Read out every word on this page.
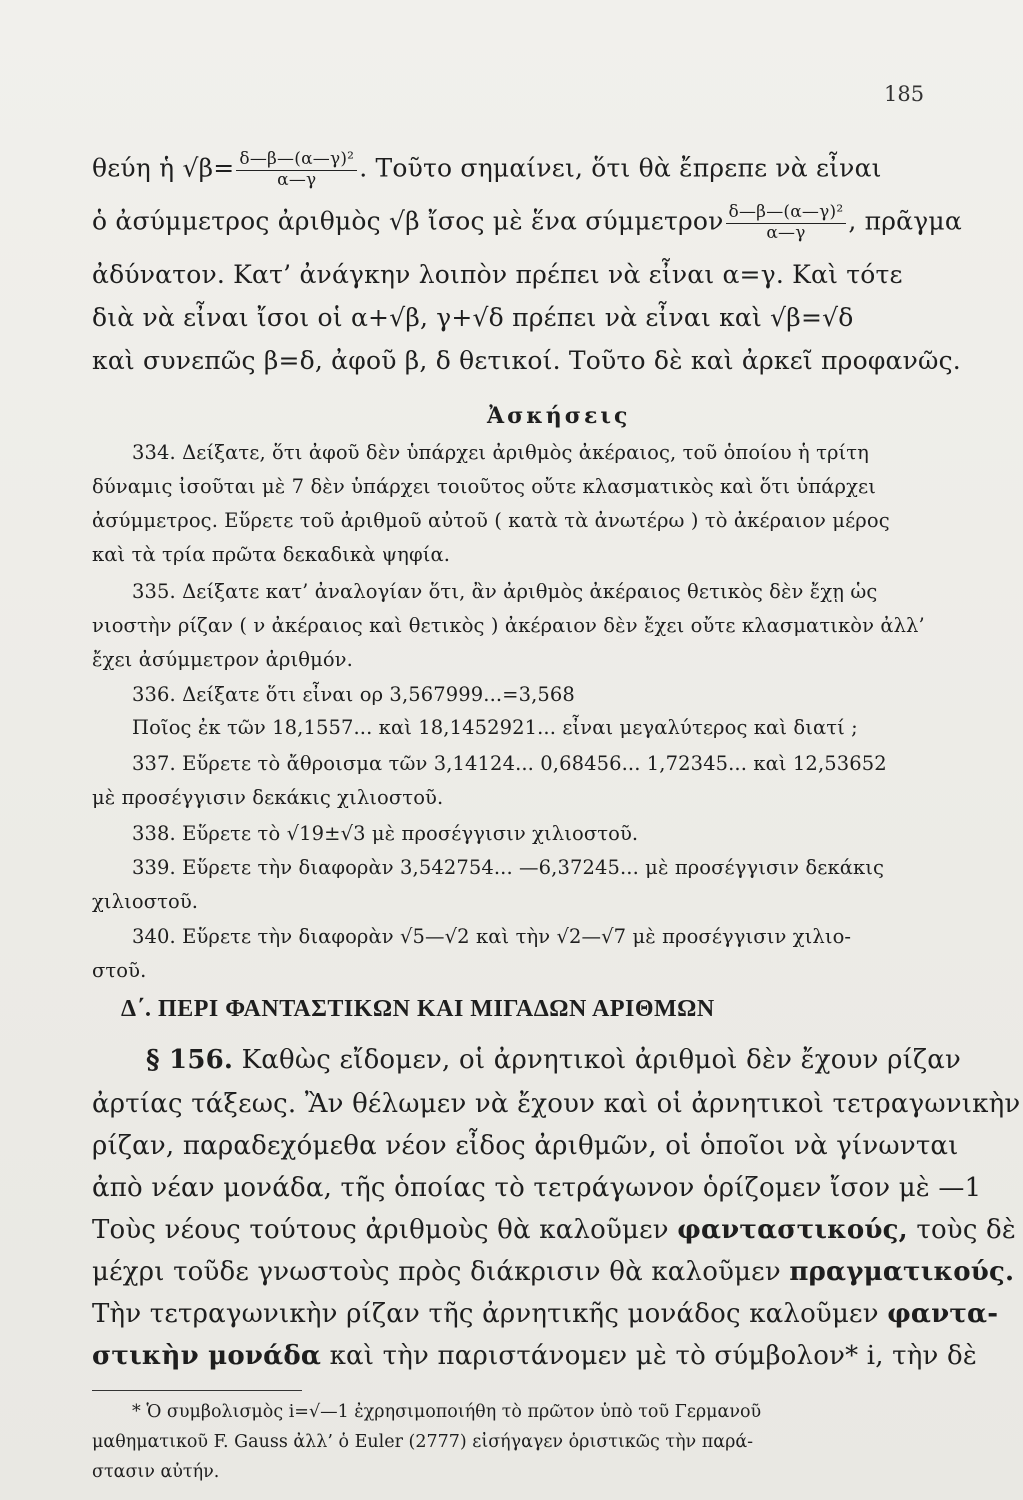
185
θεύη ἡ $√\beta= \frac{\text{δ—β—(α—γ)²}}{\alpha—\gamma}$ . Τοῦτο σημαίνει, ὅτι θὰ ἔπρεπε νὰ εἶναι
ὁ ἀσύμμετρος ἀριθμὸς √β ἴσος μὲ ἕνα σύμμετρον $\frac{\text{δ—β—(α—γ)²}}{\alpha—\gamma}$ , πρᾶγμα
ἀδύνατον. Κατ’ ἀνάγκην λοιπὸν πρέπει νὰ εἶναι α=γ. Καὶ τότε
διὰ νὰ εἶναι ἴσοι οἱ α+√β, γ+√δ πρέπει νὰ εἶναι καὶ √β=√δ
καὶ συνεπῶς β=δ, ἀφοῦ β, δ θετικοί. Τοῦτο δὲ καὶ ἀρκεῖ προφανῶς.
Ἀσκήσεις
334. Δείξατε, ὅτι ἀφοῦ δὲν ὑπάρχει ἀριθμὸς ἀκέραιος, τοῦ ὁποίου ἡ τρίτη
δύναμις ἰσοῦται μὲ 7 δὲν ὑπάρχει τοιοῦτος οὔτε κλασματικὸς καὶ ὅτι ὑπάρχει
ἀσύμμετρος. Εὕρετε τοῦ ἀριθμοῦ αὐτοῦ ( κατὰ τὰ ἀνωτέρω ) τὸ ἀκέραιον μέρος
καὶ τὰ τρία πρῶτα δεκαδικὰ ψηφία.
335. Δείξατε κατ’ ἀναλογίαν ὅτι, ἂν ἀριθμὸς ἀκέραιος θετικὸς δὲν ἔχῃ ὡς
νιοστὴν ρίζαν ( ν ἀκέραιος καὶ θετικὸς ) ἀκέραιον δὲν ἔχει οὔτε κλασματικὸν ἀλλ’
ἔχει ἀσύμμετρον ἀριθμόν.
336. Δείξατε ὅτι εἶναι ορ 3,567999...=3,568
Ποῖος ἐκ τῶν 18,1557... καὶ 18,1452921... εἶναι μεγαλύτερος καὶ διατί ;
337. Εὕρετε τὸ ἄθροισμα τῶν 3,14124... 0,68456... 1,72345... καὶ 12,53652
μὲ προσέγγισιν δεκάκις χιλιοστοῦ.
338. Εὕρετε τὸ √19±√3 μὲ προσέγγισιν χιλιοστοῦ.
339. Εὕρετε τὴν διαφορὰν 3,542754... —6,37245... μὲ προσέγγισιν δεκάκις
χιλιοστοῦ.
Δ΄. ΠΕΡΙ ΦΑΝΤΑΣΤΙΚΩΝ ΚΑΙ ΜΙΓΑΔΩΝ ΑΡΙΘΜΩΝ
§ 156. Καθὼς εἴδομεν, οἱ ἀρνητικοὶ ἀριθμοὶ δὲν ἔχουν ρίζαν
ἀρτίας τάξεως. Ἂν θέλωμεν νὰ ἔχουν καὶ οἱ ἀρνητικοὶ τετραγωνικὴν
ρίζαν, παραδεχόμεθα νέον εἶδος ἀριθμῶν, οἱ ὁποῖοι νὰ γίνωνται
ἀπὸ νέαν μονάδα, τῆς ὁποίας τὸ τετράγωνον ὁρίζομεν ἴσον μὲ —1
Τοὺς νέους τούτους ἀριθμοὺς θὰ καλοῦμεν φανταστικούς, τοὺς δὲ
μέχρι τοῦδε γνωστοὺς πρὸς διάκρισιν θὰ καλοῦμεν πραγματικούς.
Τὴν τετραγωνικὴν ρίζαν τῆς ἀρνητικῆς μονάδος καλοῦμεν φαντα-
στικὴν μονάδα καὶ τὴν παριστάνομεν μὲ τὸ σύμβολον* i, τὴν δὲ
* Ὁ συμβολισμὸς i=√—1 ἐχρησιμοποιήθη τὸ πρῶτον ὑπὸ τοῦ Γερμανοῦ
μαθηματικοῦ F. Gauss ἀλλ’ ὁ Euler (2777) εἰσήγαγεν ὁριστικῶς τὴν παρά-
στασιν αὐτήν.
340. Εὕρετε τὴν διαφορὰν √5—√2 καὶ τὴν √2—√7 μὲ προσέγγισιν χιλιο-
στοῦ.
